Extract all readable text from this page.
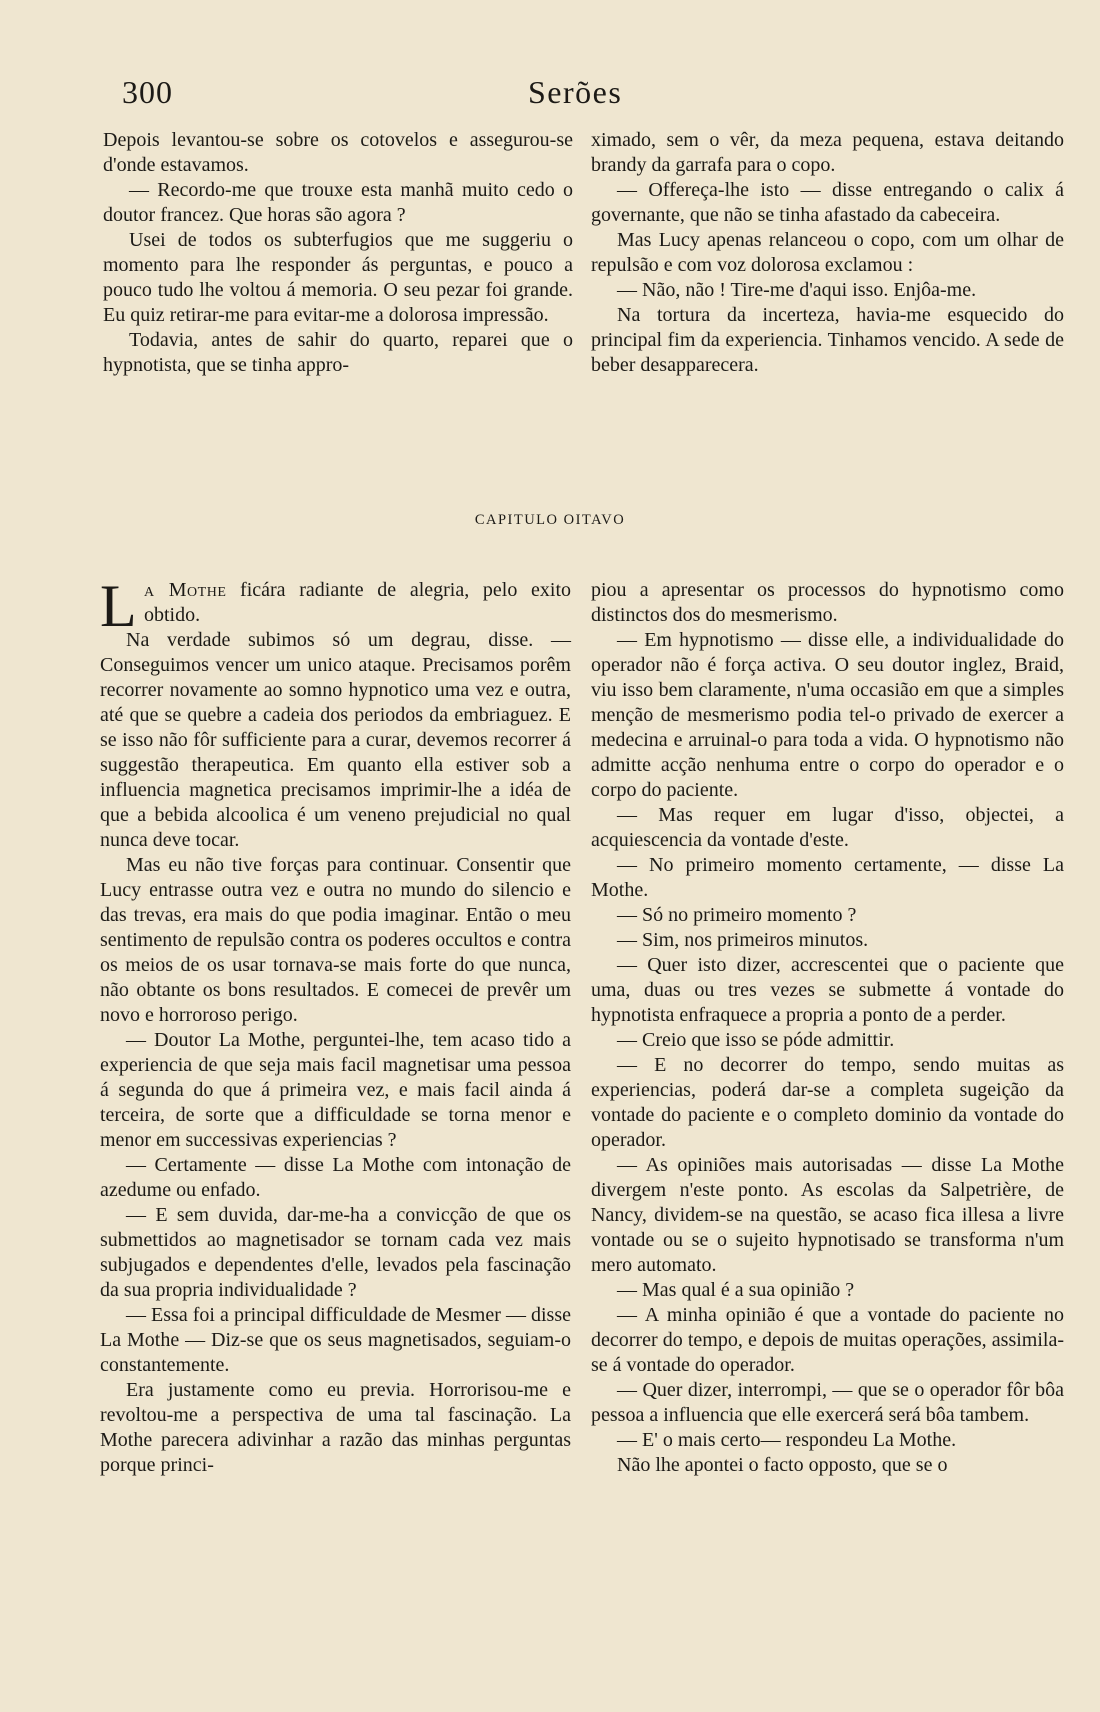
300	Serões

Depois levantou-se sobre os cotovelos e assegurou-se d'onde estavamos.

— Recordo-me que trouxe esta manhã muito cedo o doutor francez. Que horas são agora ?

Usei de todos os subterfugios que me suggeriu o momento para lhe responder ás perguntas, e pouco a pouco tudo lhe voltou á memoria. O seu pezar foi grande. Eu quiz retirar-me para evitar-me a dolorosa impressão.

Todavia, antes de sahir do quarto, reparei que o hypnotista, que se tinha appro-

ximado, sem o vêr, da meza pequena, estava deitando brandy da garrafa para o copo.

— Offereça-lhe isto — disse entregando o calix á governante, que não se tinha afastado da cabeceira.

Mas Lucy apenas relanceou o copo, com um olhar de repulsão e com voz dolorosa exclamou :

— Não, não ! Tire-me d'aqui isso. Enjôa-me.

Na tortura da incerteza, havia-me esquecido do principal fim da experiencia. Tinhamos vencido. A sede de beber desapparecera.

CAPITULO OITAVO

L a Mothe ficára radiante de alegria, pelo exito obtido.

Na verdade subimos só um degrau, disse. — Conseguimos vencer um unico ataque. Precisamos porêm recorrer novamente ao somno hypnotico uma vez e outra, até que se quebre a cadeia dos periodos da embriaguez. E se isso não fôr sufficiente para a curar, devemos recorrer á suggestão therapeutica. Em quanto ella estiver sob a influencia magnetica precisamos imprimir-lhe a idéa de que a bebida alcoolica é um veneno prejudicial no qual nunca deve tocar.

Mas eu não tive forças para continuar. Consentir que Lucy entrasse outra vez e outra no mundo do silencio e das trevas, era mais do que podia imaginar. Então o meu sentimento de repulsão contra os poderes occultos e contra os meios de os usar tornava-se mais forte do que nunca, não obtante os bons resultados. E comecei de prevêr um novo e horroroso perigo.

— Doutor La Mothe, perguntei-lhe, tem acaso tido a experiencia de que seja mais facil magnetisar uma pessoa á segunda do que á primeira vez, e mais facil ainda á terceira, de sorte que a difficuldade se torna menor e menor em successivas experiencias ?

— Certamente — disse La Mothe com intonação de azedume ou enfado.

— E sem duvida, dar-me-ha a convicção de que os submettidos ao magnetisador se tornam cada vez mais subjugados e dependentes d'elle, levados pela fascinação da sua propria individualidade ?

— Essa foi a principal difficuldade de Mesmer — disse La Mothe — Diz-se que os seus magnetisados, seguiam-o constantemente.

Era justamente como eu previa. Horrorisou-me e revoltou-me a perspectiva de uma tal fascinação. La Mothe parecera adivinhar a razão das minhas perguntas porque princi-

piou a apresentar os processos do hypnotismo como distinctos dos do mesmerismo.

— Em hypnotismo — disse elle, a individualidade do operador não é força activa. O seu doutor inglez, Braid, viu isso bem claramente, n'uma occasião em que a simples menção de mesmerismo podia tel-o privado de exercer a medecina e arruinal-o para toda a vida. O hypnotismo não admitte acção nenhuma entre o corpo do operador e o corpo do paciente.

— Mas requer em lugar d'isso, objectei, a acquiescencia da vontade d'este.

— No primeiro momento certamente, — disse La Mothe.

— Só no primeiro momento ?

— Sim, nos primeiros minutos.

— Quer isto dizer, accrescentei que o paciente que uma, duas ou tres vezes se submette á vontade do hypnotista enfraquece a propria a ponto de a perder.

— Creio que isso se póde admittir.

— E no decorrer do tempo, sendo muitas as experiencias, poderá dar-se a completa sugeição da vontade do paciente e o completo dominio da vontade do operador.

— As opiniões mais autorisadas — disse La Mothe divergem n'este ponto. As escolas da Salpetrière, de Nancy, dividem-se na questão, se acaso fica illesa a livre vontade ou se o sujeito hypnotisado se transforma n'um mero automato.

— Mas qual é a sua opinião ?

— A minha opinião é que a vontade do paciente no decorrer do tempo, e depois de muitas operações, assimila-se á vontade do operador.

— Quer dizer, interrompi, — que se o operador fôr bôa pessoa a influencia que elle exercerá será bôa tambem.

— E' o mais certo— respondeu La Mothe.

Não lhe apontei o facto opposto, que se o
